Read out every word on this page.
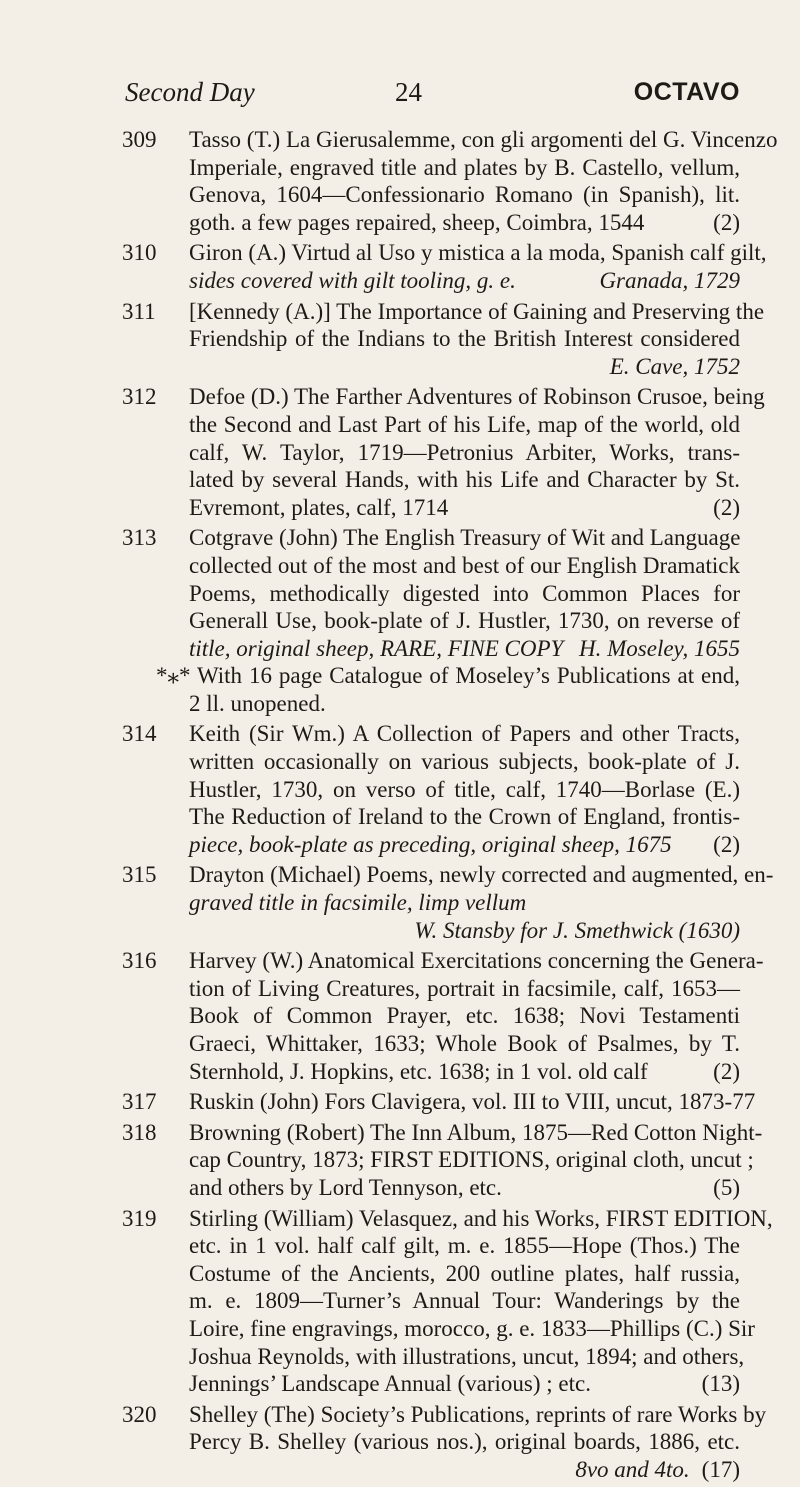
Second Day	24	OCTAVO
309	Tasso (T.) La Gierusalemme, con gli argomenti del G. Vincenzo
Imperiale, engraved title and plates by B. Castello, vellum,
Genova, 1604—Confessionario Romano (in Spanish), lit.
goth. a few pages repaired, sheep, Coimbra, 1544	(2)
310	Giron (A.) Virtud al Uso y mistica a la moda, Spanish calf gilt,
sides covered with gilt tooling, g. e.	Granada, 1729
311	[Kennedy (A.)] The Importance of Gaining and Preserving the
Friendship of the Indians to the British Interest considered
E. Cave, 1752
312	Defoe (D.) The Farther Adventures of Robinson Crusoe, being
the Second and Last Part of his Life, map of the world, old
calf, W. Taylor, 1719—Petronius Arbiter, Works, trans-
lated by several Hands, with his Life and Character by St.
Evremont, plates, calf, 1714	(2)
313	Cotgrave (John) The English Treasury of Wit and Language
collected out of the most and best of our English Dramatick
Poems, methodically digested into Common Places for
Generall Use, book-plate of J. Hustler, 1730, on reverse of
title, original sheep, RARE, FINE COPY H. Moseley, 1655
*⁎* With 16 page Catalogue of Moseley’s Publications at end,
2 ll. unopened.
314	Keith (Sir Wm.) A Collection of Papers and other Tracts,
written occasionally on various subjects, book-plate of J.
Hustler, 1730, on verso of title, calf, 1740—Borlase (E.)
The Reduction of Ireland to the Crown of England, frontis-
piece, book-plate as preceding, original sheep, 1675 (2)
315	Drayton (Michael) Poems, newly corrected and augmented, en-
graved title in facsimile, limp vellum
W. Stansby for J. Smethwick (1630)
316	Harvey (W.) Anatomical Exercitations concerning the Genera-
tion of Living Creatures, portrait in facsimile, calf, 1653—
Book of Common Prayer, etc. 1638; Novi Testamenti
Graeci, Whittaker, 1633; Whole Book of Psalmes, by T.
Sternhold, J. Hopkins, etc. 1638; in 1 vol. old calf	(2)
317	Ruskin (John) Fors Clavigera, vol. III to VIII, uncut, 1873-77
318	Browning (Robert) The Inn Album, 1875—Red Cotton Night-
cap Country, 1873; FIRST EDITIONS, original cloth, uncut ;
and others by Lord Tennyson, etc.	(5)
319	Stirling (William) Velasquez, and his Works, FIRST EDITION,
etc. in 1 vol. half calf gilt, m. e. 1855—Hope (Thos.) The
Costume of the Ancients, 200 outline plates, half russia,
m. e. 1809—Turner’s Annual Tour: Wanderings by the
Loire, fine engravings, morocco, g. e. 1833—Phillips (C.) Sir
Joshua Reynolds, with illustrations, uncut, 1894; and others,
Jennings’ Landscape Annual (various) ; etc.	(13)
320	Shelley (The) Society’s Publications, reprints of rare Works by
Percy B. Shelley (various nos.), original boards, 1886, etc.
8vo and 4to. (17)
